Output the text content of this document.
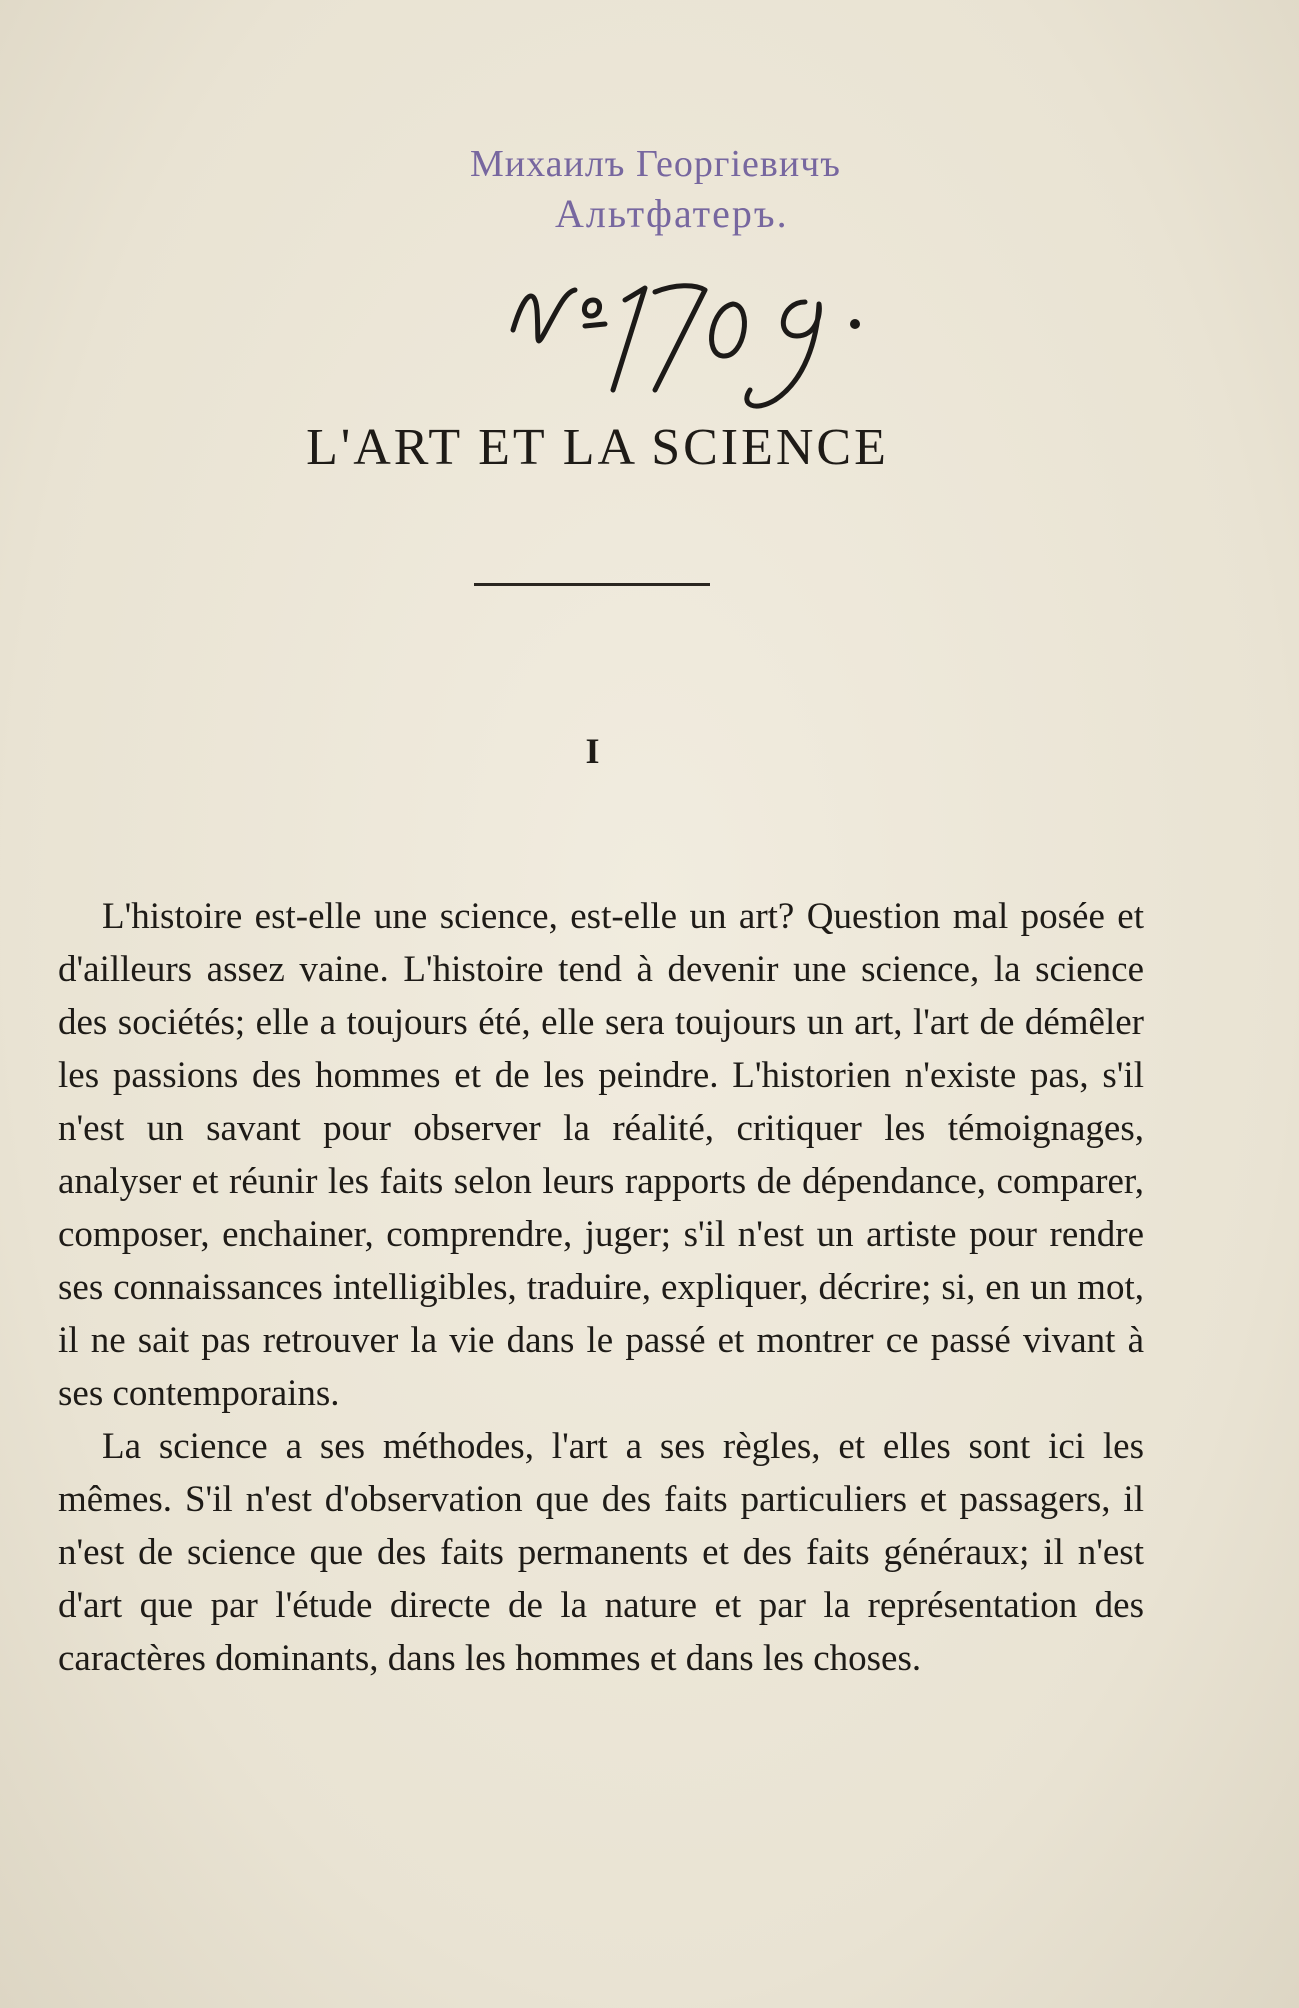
Михаилъ Георгіевичъ
Альтфатеръ.
L'ART ET LA SCIENCE
I

L'histoire est-elle une science, est-elle un art? Question mal posée et d'ailleurs assez vaine. L'histoire tend à devenir une science, la science des sociétés; elle a toujours été, elle sera toujours un art, l'art de démêler les passions des hommes et de les peindre. L'historien n'existe pas, s'il n'est un savant pour observer la réalité, critiquer les témoignages, analyser et réunir les faits selon leurs rapports de dépendance, comparer, composer, enchainer, comprendre, juger; s'il n'est un artiste pour rendre ses connaissances intelligibles, traduire, expliquer, décrire; si, en un mot, il ne sait pas retrouver la vie dans le passé et montrer ce passé vivant à ses contemporains.

La science a ses méthodes, l'art a ses règles, et elles sont ici les mêmes. S'il n'est d'observation que des faits particuliers et passagers, il n'est de science que des faits permanents et des faits généraux; il n'est d'art que par l'étude directe de la nature et par la représentation des caractères dominants, dans les hommes et dans les choses.
